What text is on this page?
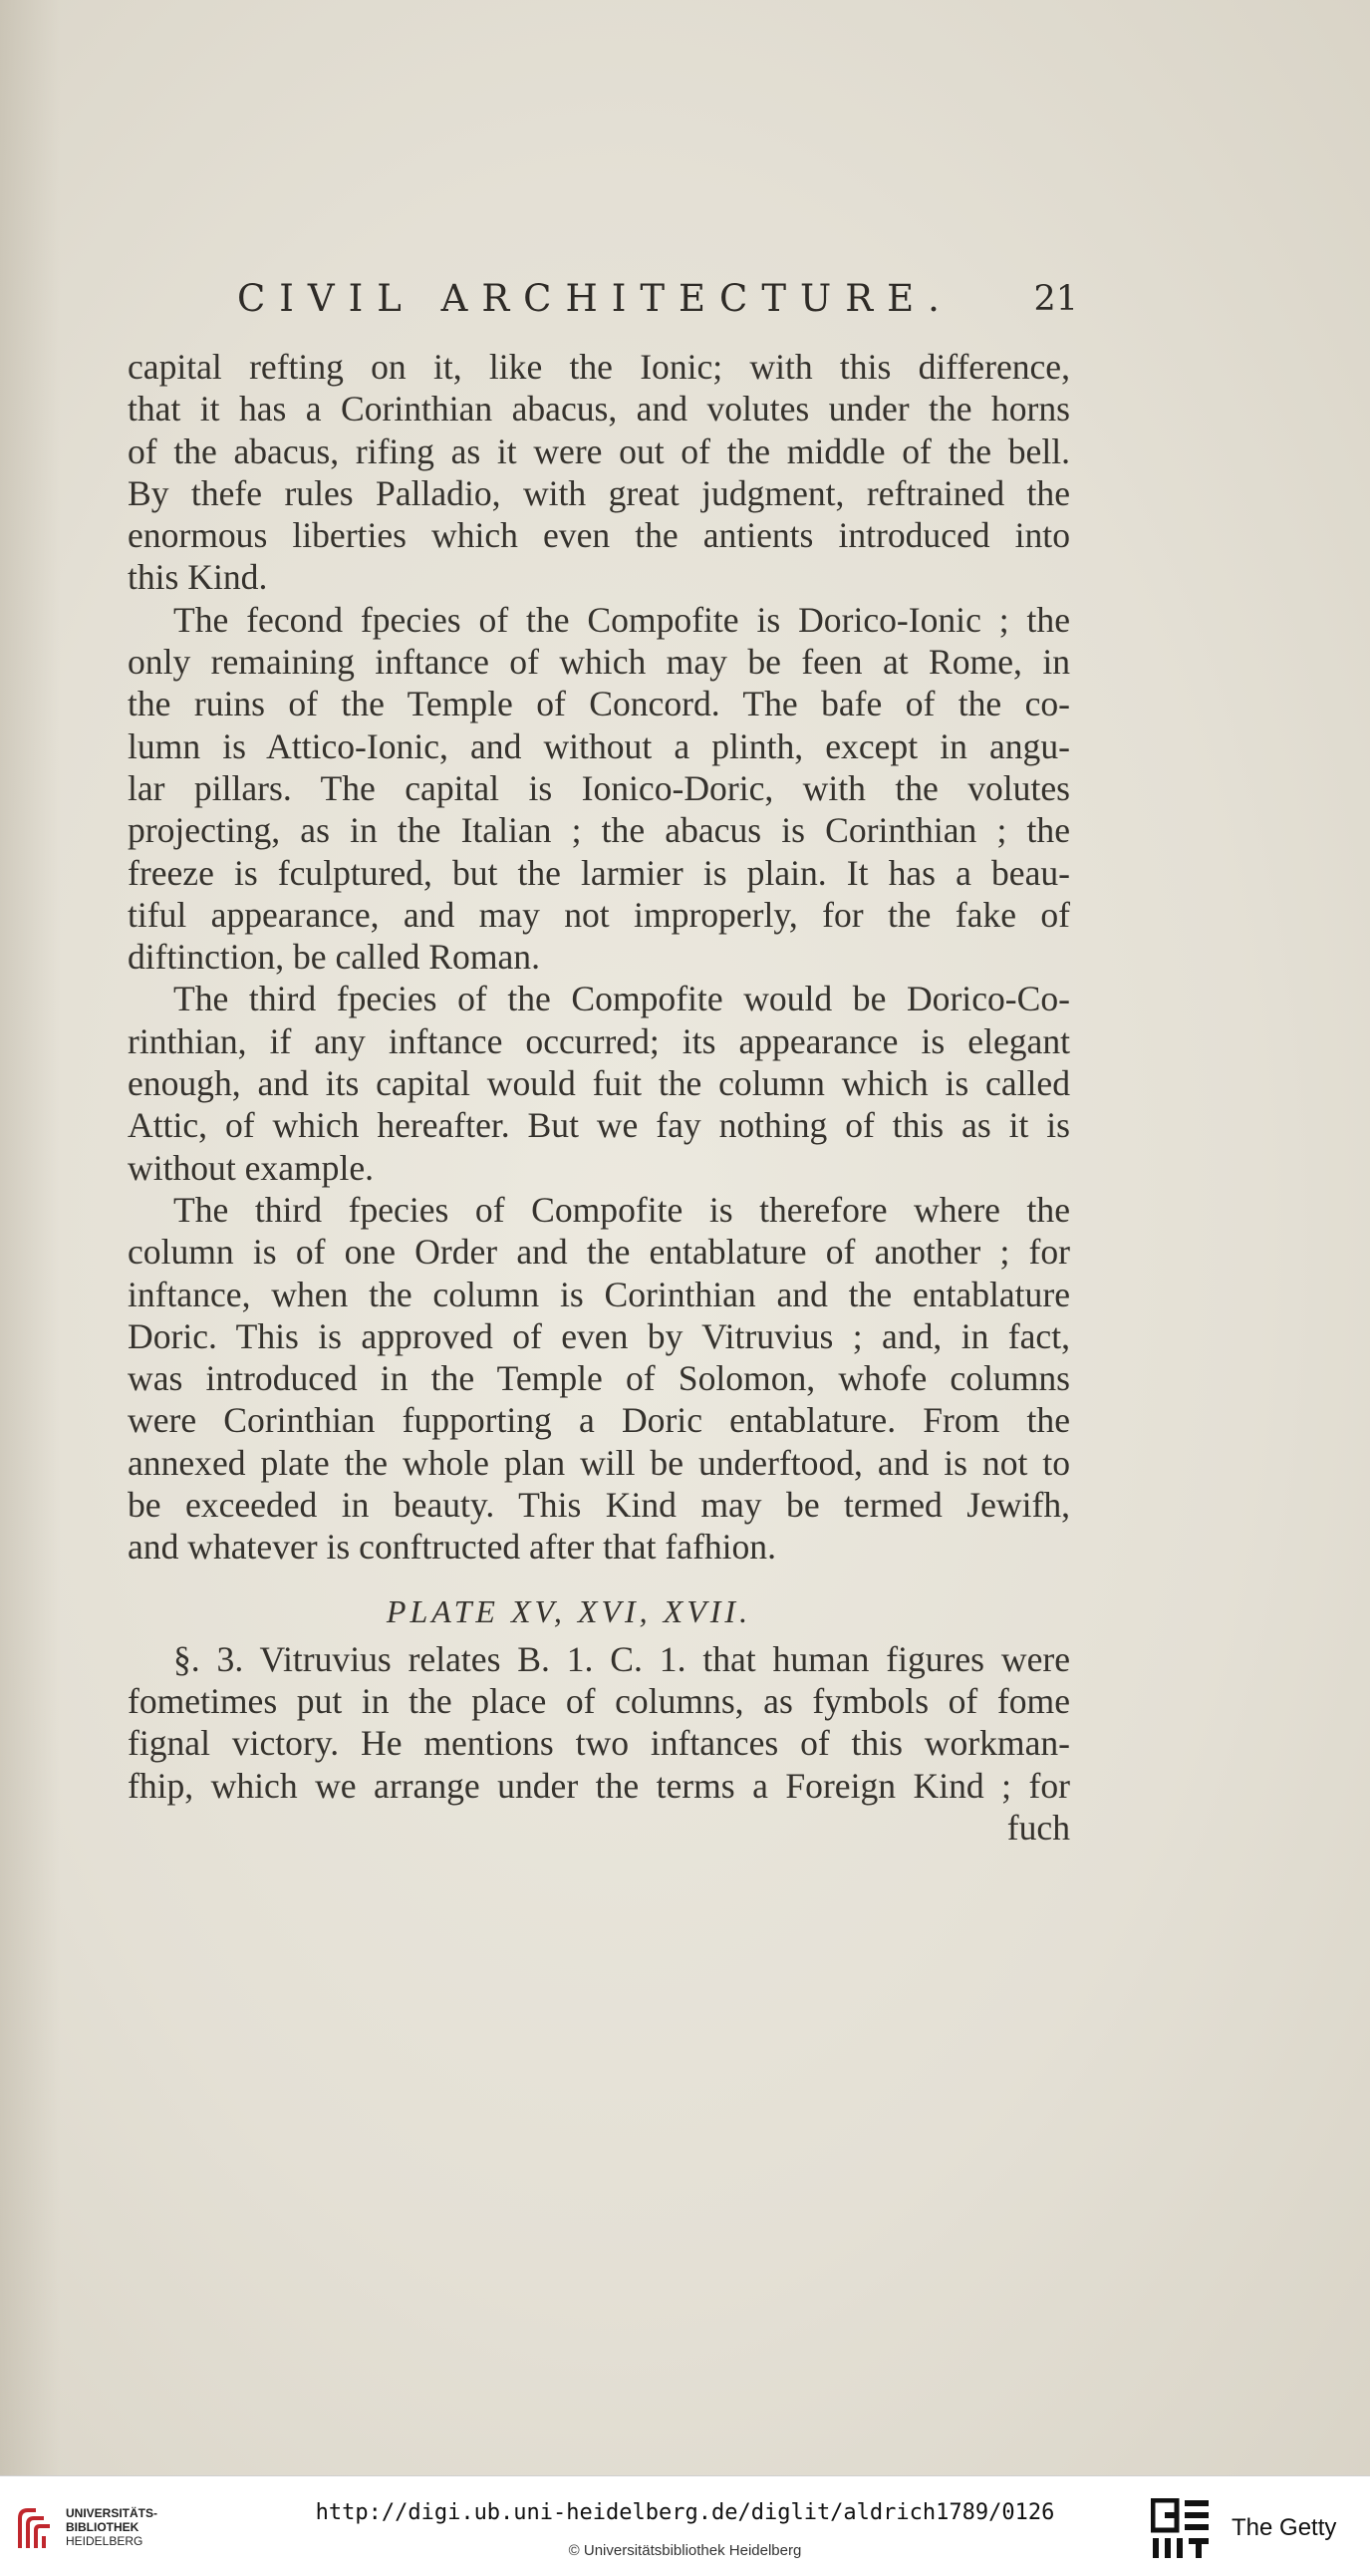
CIVIL ARCHITECTURE. 21
capital refting on it, like the Ionic; with this difference,
that it has a Corinthian abacus, and volutes under the horns
of the abacus, rifing as it were out of the middle of the bell.
By thefe rules Palladio, with great judgment, reftrained the
enormous liberties which even the antients introduced into
this Kind.
The fecond fpecies of the Compofite is Dorico-Ionic ; the
only remaining inftance of which may be feen at Rome, in
the ruins of the Temple of Concord. The bafe of the co-
lumn is Attico-Ionic, and without a plinth, except in angu-
lar pillars. The capital is Ionico-Doric, with the volutes
projecting, as in the Italian ; the abacus is Corinthian ; the
freeze is fculptured, but the larmier is plain. It has a beau-
tiful appearance, and may not improperly, for the fake of
diftinction, be called Roman.
The third fpecies of the Compofite would be Dorico-Co-
rinthian, if any inftance occurred; its appearance is elegant
enough, and its capital would fuit the column which is called
Attic, of which hereafter. But we fay nothing of this as it is
without example.
The third fpecies of Compofite is therefore where the
column is of one Order and the entablature of another ; for
inftance, when the column is Corinthian and the entablature
Doric. This is approved of even by Vitruvius ; and, in fact,
was introduced in the Temple of Solomon, whofe columns
were Corinthian fupporting a Doric entablature. From the
annexed plate the whole plan will be underftood, and is not to
be exceeded in beauty. This Kind may be termed Jewifh,
and whatever is conftructed after that fafhion.
PLATE XV, XVI, XVII.
§. 3. Vitruvius relates B. 1. C. 1. that human figures were
fometimes put in the place of columns, as fymbols of fome
fignal victory. He mentions two inftances of this workman-
fhip, which we arrange under the terms a Foreign Kind ; for
fuch
UNIVERSITÄTS-
BIBLIOTHEK
HEIDELBERG
http://digi.ub.uni-heidelberg.de/diglit/aldrich1789/0126
© Universitätsbibliothek Heidelberg
The Getty
